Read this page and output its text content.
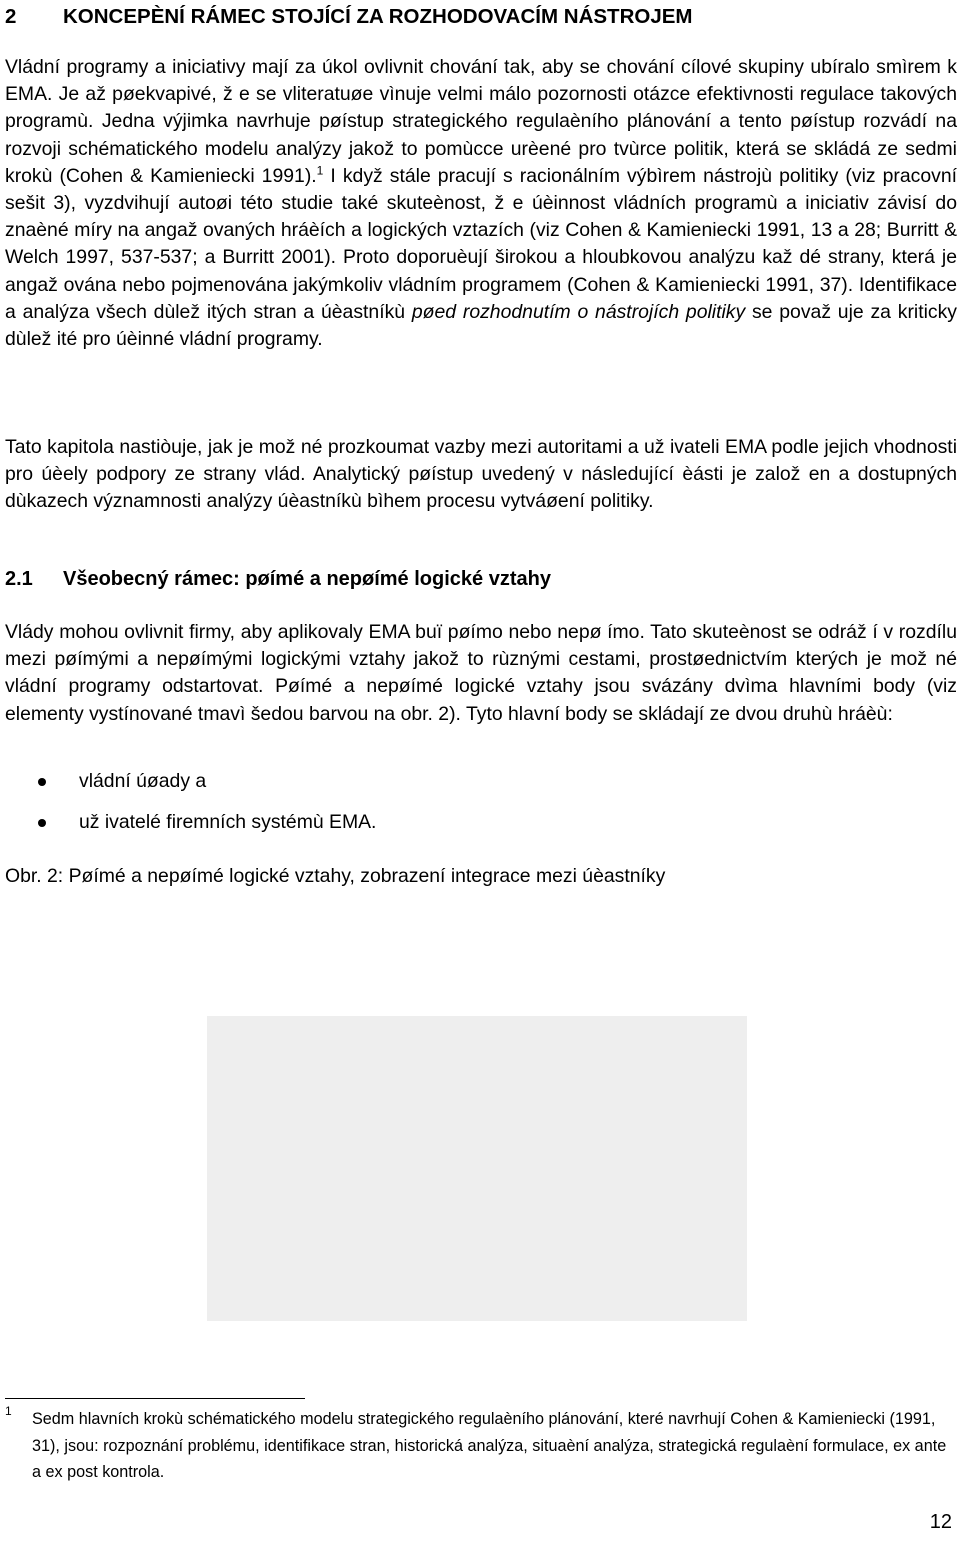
2 KONCEPÈNÍ RÁMEC STOJÍCÍ ZA ROZHODOVACÍM NÁSTROJEM

Vládní programy a iniciativy mají za úkol ovlivnit chování tak, aby se chování cílové skupiny ubíralo smìrem k EMA. Je až pøekvapivé, ž e se vliteratuøe vìnuje velmi málo pozornosti otázce efektivnosti regulace takových programù. Jedna výjimka navrhuje pøístup strategického regulaèního plánování a tento pøístup rozvádí na rozvoji schématického modelu analýzy jakož to pomùcce urèené pro tvùrce politik, která se skládá ze sedmi krokù (Cohen & Kamieniecki 1991).$^1$ I když stále pracují s racionálním výbìrem nástrojù politiky (viz pracovní sešit 3), vyzdvihují autoøi této studie také skuteènost, ž e úèinnost vládních programù a iniciativ závisí do znaèné míry na angaž ovaných hráèích a logických vztazích (viz Cohen & Kamieniecki 1991, 13 a 28; Burritt & Welch 1997, 537-537; a Burritt 2001). Proto doporuèují širokou a hloubkovou analýzu kaž dé strany, která je angaž ována nebo pojmenována jakýmkoliv vládním programem (Cohen & Kamieniecki 1991, 37). Identifikace a analýza všech dùlež itých stran a úèastníkù pøed rozhodnutím o nástrojích politiky se považ uje za kriticky dùlež ité pro úèinné vládní programy.

Tato kapitola nastiòuje, jak je mož né prozkoumat vazby mezi autoritami a už ivateli EMA podle jejich vhodnosti pro úèely podpory ze strany vlád. Analytický pøístup uvedený v následující èásti je založ en a dostupných dùkazech významnosti analýzy úèastníkù bìhem procesu vytváøení politiky.

2.1 Všeobecný rámec: pøímé a nepøímé logické vztahy

Vlády mohou ovlivnit firmy, aby aplikovaly EMA buï pøímo nebo nepø ímo. Tato skuteènost se odráž í v rozdílu mezi pøímými a nepøímými logickými vztahy jakož to rùznými cestami, prostøednictvím kterých je mož né vládní programy odstartovat. Pøímé a nepøímé logické vztahy jsou svázány dvìma hlavními body (viz elementy vystínované tmavì šedou barvou na obr. 2). Tyto hlavní body se skládají ze dvou druhù hráèù:

vládní úøady a
už ivatelé firemních systémù EMA.
Obr. 2: Pøímé a nepøímé logické vztahy, zobrazení integrace mezi úèastníky
1 Sedm hlavních krokù schématického modelu strategického regulaèního plánování, které navrhují Cohen & Kamieniecki (1991, 31), jsou: rozpoznání problému, identifikace stran, historická analýza, situaèní analýza, strategická regulaèní formulace, ex ante a ex post kontrola.

12
